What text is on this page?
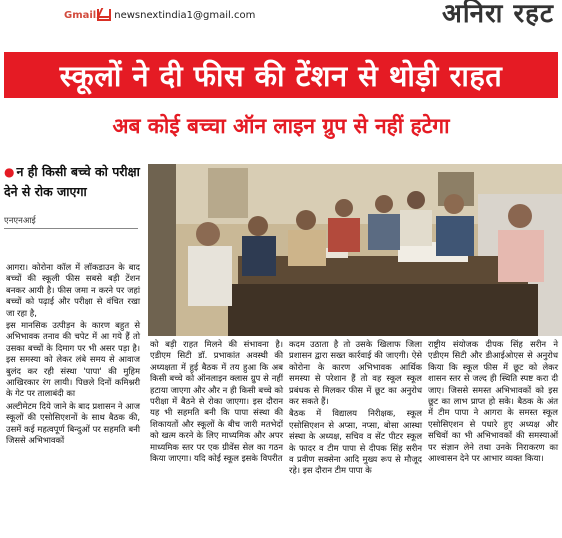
Gmail newsnextindia1@gmail.com	अनिरा रहट
स्कूलों ने दी फीस की टेंशन से थोड़ी राहत
अब कोई बच्चा ऑन लाइन ग्रुप से नहीं हटेगा
● न ही किसी बच्चे को परीक्षा देने से रोक जाएगा
एनएनआई

आगरा। कोरोना कॉल में लॉकडाउन के बाद बच्चों की स्कूली फीस सबसे बड़ी टेंशन बनकर आयी है। फीस जमा न करने पर जहां बच्चों को पढ़ाई और परीक्षा से वंचित रखा जा रहा है,

इस मानसिक उत्पीड़न के कारण बहुत से अभिभावक तनाव की चपेट में आ गये हैं तो उसका बच्चों के दिमाग पर भी असर पड़ा है। इस समस्या को लेकर लंबे समय से आवाज बुलंद कर रही संस्था 'पापा' की मुहिम आखिरकार रंग लायी। पिछले दिनों कमिश्नरी के गेट पर तालाबंदी का

अल्टीमेटम दिये जाने के बाद प्रशासन ने आज स्कूलों की एसोसिएशनों के साथ बैठक की, उसमें कई महत्वपूर्ण बिन्दुओं पर सहमति बनी जिससे अभिभावकों

को बड़ी राहत मिलने की संभावना है। एडीएम सिटी डॉ. प्रभाकांत अवस्थी की अध्यक्षता में हुई बैठक में तय हुआ कि अब किसी बच्चे को ऑनलाइन क्लास ग्रुप से नहीं हटाया जाएगा और और न ही किसी बच्चे को परीक्षा में बैठने से रोका जाएगा। इस दौरान यह भी सहमति बनी कि पापा संस्था की शिकायतों और स्कूलों के बीच जारी मतभेदों को खत्म करने के लिए माध्यमिक और अपर माध्यमिक स्तर पर एक ग्रीवेंस सेल का गठन किया जाएगा। यदि कोई स्कूल इसके विपरीत

कदम उठाता है तो उसके खिलाफ जिला प्रशासन द्वारा सख्त कार्रवाई की जाएगी। ऐसे कोरोना के कारण अभिभावक आर्थिक समस्या से परेशान हैं तो वह स्कूल स्कूल प्रबंधक से मिलकर फीस में छूट का अनुरोध कर सकते हैं।

बैठक में विद्यालय निरीक्षक, स्कूल एसोसिएशन से अप्सा, नप्सा, बोसा आस्था संस्था के अध्यक्ष, सचिव व सेंट पीटर स्कूल के फादर व टीम पापा से दीपक सिंह सरीन व प्रवीण सक्सेना आदि मुख्य रूप से मौजूद रहे। इस दौरान टीम पापा के

राष्ट्रीय संयोजक दीपक सिंह सरीन ने एडीएम सिटी और डीआईओएस से अनुरोध किया कि स्कूल फीस में छूट को लेकर शासन स्तर से जल्द ही स्थिति स्पष्ट करा दी जाए। जिससे समस्त अभिभावकों को इस छूट का लाभ प्राप्त हो सके। बैठक के अंत में टीम पापा ने आगरा के समस्त स्कूल एसोसिएशन से पधारे हुए अध्यक्ष और सचिवों का भी अभिभावकों की समस्याओं पर संज्ञान लेने तथा उनके निराकरण का आश्वासन देने पर आभार व्यक्त किया।
